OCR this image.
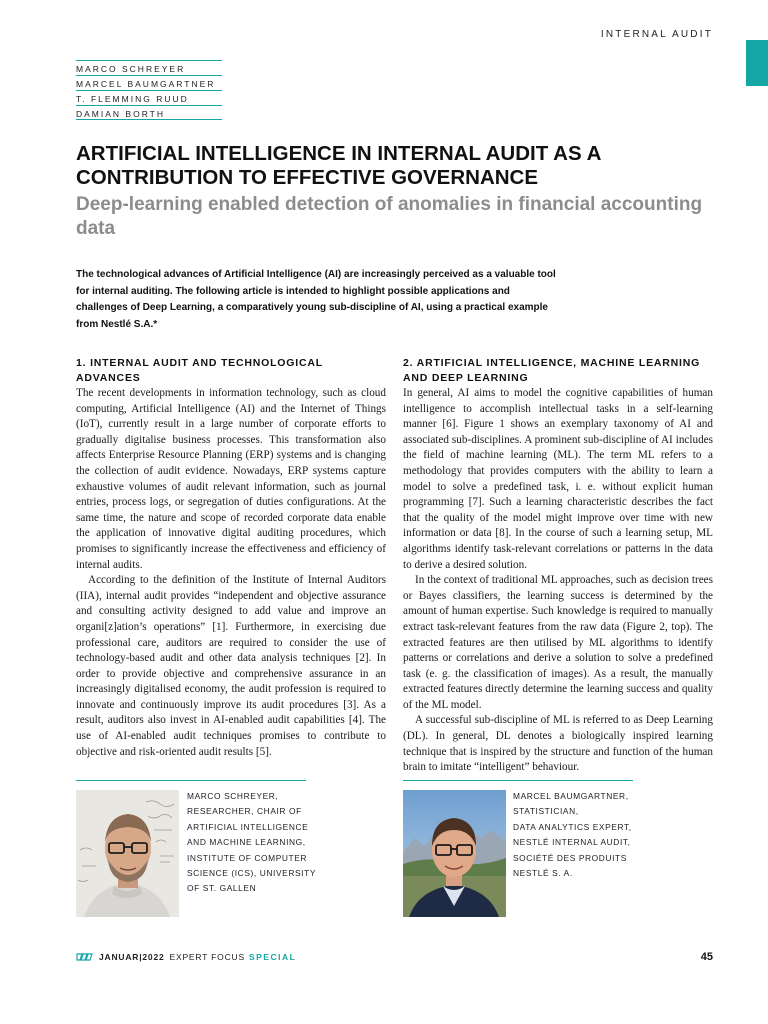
INTERNAL AUDIT
MARCO SCHREYER
MARCEL BAUMGARTNER
T. FLEMMING RUUD
DAMIAN BORTH
ARTIFICIAL INTELLIGENCE IN INTERNAL AUDIT AS A CONTRIBUTION TO EFFECTIVE GOVERNANCE
Deep-learning enabled detection of anomalies in financial accounting data

The technological advances of Artificial Intelligence (AI) are increasingly perceived as a valuable tool for internal auditing. The following article is intended to highlight possible applications and challenges of Deep Learning, a comparatively young sub-discipline of AI, using a practical example from Nestlé S.A.*

1. INTERNAL AUDIT AND TECHNOLOGICAL ADVANCES

The recent developments in information technology, such as cloud computing, Artificial Intelligence (AI) and the Internet of Things (IoT), currently result in a large number of corporate efforts to gradually digitalise business processes. This transformation also affects Enterprise Resource Planning (ERP) systems and is changing the collection of audit evidence. Nowadays, ERP systems capture exhaustive volumes of audit relevant information, such as journal entries, process logs, or segregation of duties configurations. At the same time, the nature and scope of recorded corporate data enable the application of innovative digital auditing procedures, which promises to significantly increase the effectiveness and efficiency of internal audits.

According to the definition of the Institute of Internal Auditors (IIA), internal audit provides “independent and objective assurance and consulting activity designed to add value and improve an organi[z]ation’s operations” [1]. Furthermore, in exercising due professional care, auditors are required to consider the use of technology-based audit and other data analysis techniques [2]. In order to provide objective and comprehensive assurance in an increasingly digitalised economy, the audit profession is required to innovate and continuously improve its audit procedures [3]. As a result, auditors also invest in AI-enabled audit capabilities [4]. The use of AI-enabled audit techniques promises to contribute to objective and risk-oriented audit results [5].

2. ARTIFICIAL INTELLIGENCE, MACHINE LEARNING AND DEEP LEARNING

In general, AI aims to model the cognitive capabilities of human intelligence to accomplish intellectual tasks in a self-learning manner [6]. Figure 1 shows an exemplary taxonomy of AI and associated sub-disciplines. A prominent sub-discipline of AI includes the field of machine learning (ML). The term ML refers to a methodology that provides computers with the ability to learn a model to solve a predefined task, i. e. without explicit human programming [7]. Such a learning characteristic describes the fact that the quality of the model might improve over time with new information or data [8]. In the course of such a learning setup, ML algorithms identify task-relevant correlations or patterns in the data to derive a desired solution.

In the context of traditional ML approaches, such as decision trees or Bayes classifiers, the learning success is determined by the amount of human expertise. Such knowledge is required to manually extract task-relevant features from the raw data (Figure 2, top). The extracted features are then utilised by ML algorithms to identify patterns or correlations and derive a solution to solve a predefined task (e. g. the classification of images). As a result, the manually extracted features directly determine the learning success and quality of the ML model.

A successful sub-discipline of ML is referred to as Deep Learning (DL). In general, DL denotes a biologically inspired learning technique that is inspired by the structure and function of the human brain to imitate “intelligent” behaviour.

MARCO SCHREYER,
RESEARCHER, CHAIR OF
ARTIFICIAL INTELLIGENCE
AND MACHINE LEARNING,
INSTITUTE OF COMPUTER
SCIENCE (ICS), UNIVERSITY
OF ST. GALLEN
MARCEL BAUMGARTNER,
STATISTICIAN,
DATA ANALYTICS EXPERT,
NESTLÉ INTERNAL AUDIT,
SOCIÉTÉ DES PRODUITS
NESTLÉ S. A.
JANUAR|2022 EXPERT FOCUS SPECIAL	45
